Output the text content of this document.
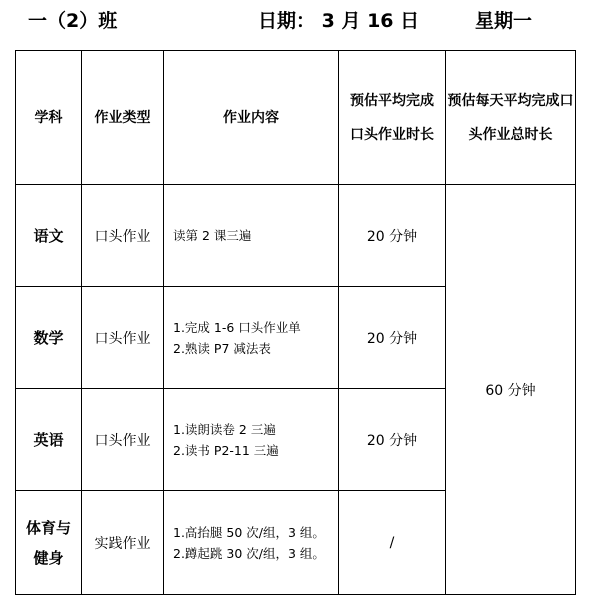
一（2）班	日期： 3 月 16 日	星期一
学科	作业类型	作业内容	预估平均完成口头作业时长	预估每天平均完成口头作业总时长

语文	口头作业	读第 2 课三遍	20 分钟	60 分钟
数学	口头作业	1.完成 1-6 口头作业单
2.熟读 P7 减法表	20 分钟	
英语	口头作业	1.读朗读卷 2 三遍
2.读书 P2-11 三遍	20 分钟	

体育与健身	实践作业	1.高抬腿 50 次/组，3 组。
2.蹲起跳 30 次/组，3 组。	/	
